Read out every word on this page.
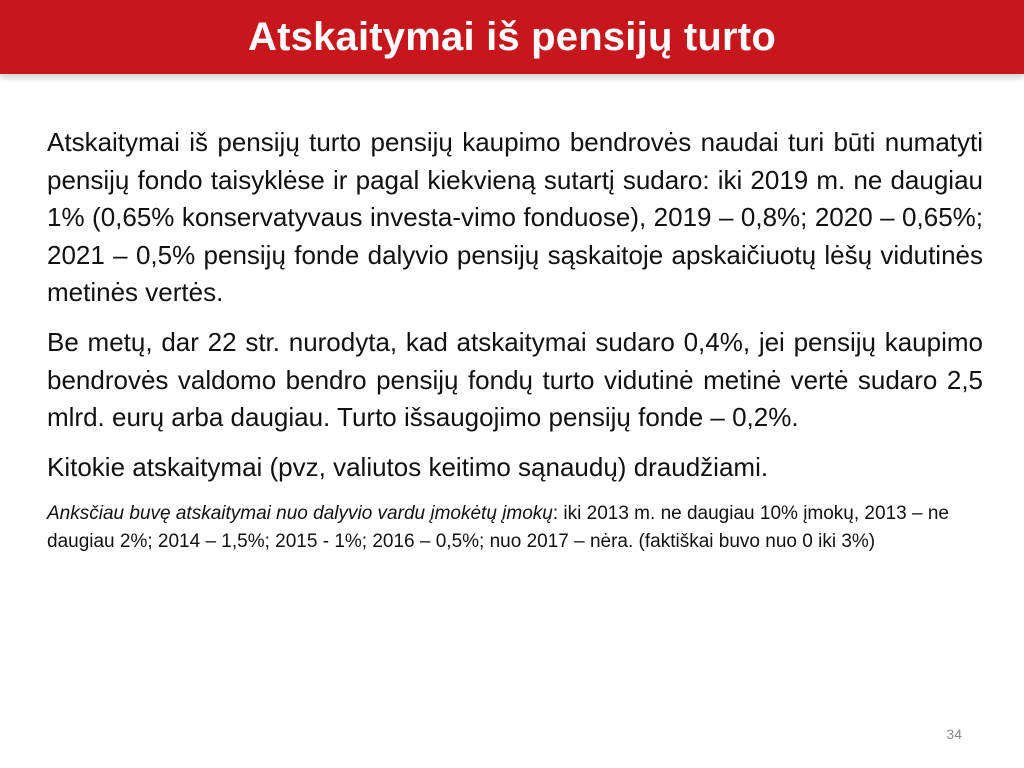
Atskaitymai iš pensijų turto

Atskaitymai iš pensijų turto pensijų kaupimo bendrovės naudai turi būti numatyti pensijų fondo taisyklėse ir pagal kiekvieną sutartį sudaro: iki 2019 m. ne daugiau 1% (0,65% konservatyvaus investa-vimo fonduose), 2019 – 0,8%; 2020 – 0,65%; 2021 – 0,5% pensijų fonde dalyvio pensijų sąskaitoje apskaičiuotų lėšų vidutinės metinės vertės.

Be metų, dar 22 str. nurodyta, kad atskaitymai sudaro 0,4%, jei pensijų kaupimo bendrovės valdomo bendro pensijų fondų turto vidutinė metinė vertė sudaro 2,5 mlrd. eurų arba daugiau. Turto išsaugojimo pensijų fonde – 0,2%.

Kitokie atskaitymai (pvz, valiutos keitimo sąnaudų) draudžiami.

Anksčiau buvę atskaitymai nuo dalyvio vardu įmokėtų įmokų: iki 2013 m. ne daugiau 10% įmokų, 2013 – ne daugiau 2%; 2014 – 1,5%; 2015 - 1%; 2016 – 0,5%; nuo 2017 – nėra. (faktiškai buvo nuo 0 iki 3%)

34
